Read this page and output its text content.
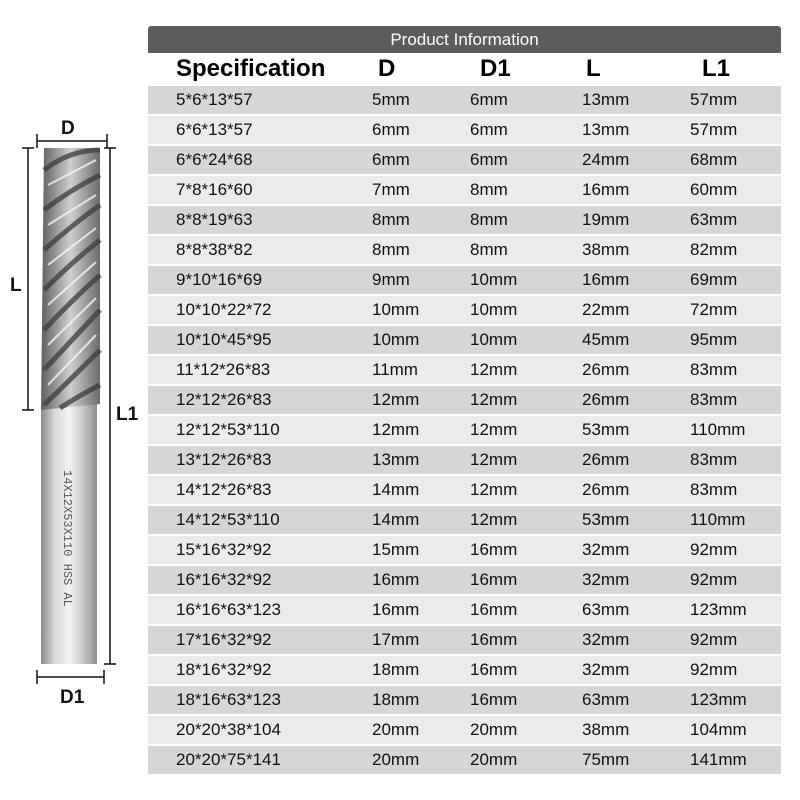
14X12X53X110 HSS AL
D
L
L1
D1
Product Information
Specification	D	D1	L	L1
5*6*13*57	5mm	6mm	13mm	57mm
6*6*13*57	6mm	6mm	13mm	57mm
6*6*24*68	6mm	6mm	24mm	68mm
7*8*16*60	7mm	8mm	16mm	60mm
8*8*19*63	8mm	8mm	19mm	63mm
8*8*38*82	8mm	8mm	38mm	82mm
9*10*16*69	9mm	10mm	16mm	69mm
10*10*22*72	10mm	10mm	22mm	72mm
10*10*45*95	10mm	10mm	45mm	95mm
11*12*26*83	11mm	12mm	26mm	83mm
12*12*26*83	12mm	12mm	26mm	83mm
12*12*53*110	12mm	12mm	53mm	110mm
13*12*26*83	13mm	12mm	26mm	83mm
14*12*26*83	14mm	12mm	26mm	83mm
14*12*53*110	14mm	12mm	53mm	110mm
15*16*32*92	15mm	16mm	32mm	92mm
16*16*32*92	16mm	16mm	32mm	92mm
16*16*63*123	16mm	16mm	63mm	123mm
17*16*32*92	17mm	16mm	32mm	92mm
18*16*32*92	18mm	16mm	32mm	92mm
18*16*63*123	18mm	16mm	63mm	123mm
20*20*38*104	20mm	20mm	38mm	104mm
20*20*75*141	20mm	20mm	75mm	141mm
